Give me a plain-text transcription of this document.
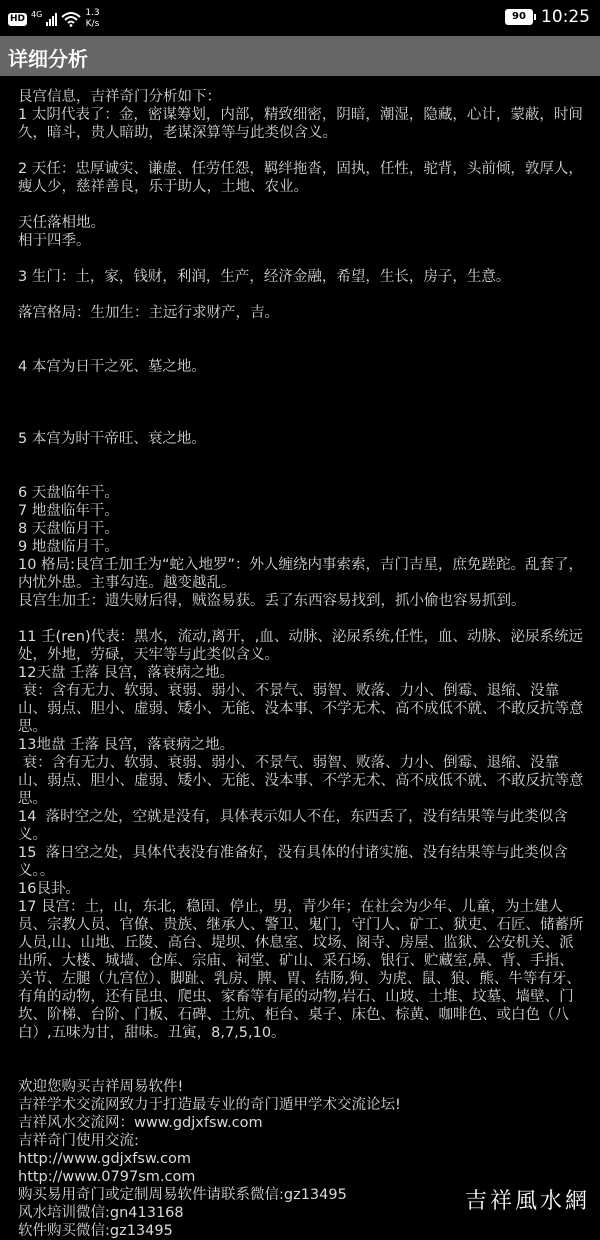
HD 4G	1.3
K/s
90 10:25
详细分析
艮宫信息，吉祥奇门分析如下：
1 太阴代表了：金，密谋筹划，内部，精致细密，阴暗，潮湿，隐藏，心计，蒙蔽，时间久，暗斗，贵人暗助，老谋深算等与此类似含义。
2 天任：忠厚诚实、谦虚、任劳任怨，羁绊拖沓，固执，任性，驼背，头前倾，敦厚人，瘦人少，慈祥善良，乐于助人，土地、农业。
天任落相地。
相于四季。
3 生门：土，家，钱财，利润，生产，经济金融，希望，生长，房子，生意。
落宫格局：生加生：主远行求财产，吉。
4 本宫为日干之死、墓之地。
5 本宫为时干帝旺、衰之地。
6 天盘临年干。
7 地盘临年干。
8 天盘临月干。
9 地盘临月干。
10 格局:艮宫壬加壬为“蛇入地罗”：外人缠绕内事索索，吉门吉星，庶免蹉跎。乱套了，内忧外患。主事勾连。越变越乱。
艮宫生加壬：遗失财后得，贼盗易获。丢了东西容易找到，抓小偷也容易抓到。
11 壬(ren)代表：黑水，流动,离开，,血、动脉、泌尿系统,任性，血、动脉、泌尿系统远处，外地，劳碌，天牢等与此类似含义。
12天盘 壬落 艮宫，落衰病之地。
衰：含有无力、软弱、衰弱、弱小、不景气、弱智、败落、力小、倒霉、退缩、没靠山、弱点、胆小、虚弱、矮小、无能、没本事、不学无术、高不成低不就、不敢反抗等意思。
13地盘 壬落 艮宫，落衰病之地。
衰：含有无力、软弱、衰弱、弱小、不景气、弱智、败落、力小、倒霉、退缩、没靠山、弱点、胆小、虚弱、矮小、无能、没本事、不学无术、高不成低不就、不敢反抗等意思。
14  落时空之处，空就是没有，具体表示如人不在，东西丢了，没有结果等与此类似含义。
15  落日空之处，具体代表没有准备好，没有具体的付诸实施、没有结果等与此类似含义。。
16艮卦。
17 艮宫：土，山，东北，稳固、停止，男，青少年；在社会为少年、儿童，为土建人员、宗教人员、官僚、贵族、继承人、警卫、鬼门，守门人、矿工、狱吏、石匠、储蓄所人员,山、山地、丘陵、高台、堤坝、休息室、坟场、阁寺、房屋、监狱、公安机关、派出所、大楼、城墙、仓库、宗庙、祠堂、矿山、采石场、银行、贮藏室,鼻、背、手指、关节、左腿（九宫位）、脚趾、乳房、脾、胃、结肠,狗、为虎、鼠、狼、熊、牛等有牙、有角的动物，还有昆虫、爬虫、家畜等有尾的动物,岩石、山坡、土堆、坟墓、墙壁、门坎、阶梯、台阶、门板、石碑、土炕、柜台、桌子、床色、棕黄、咖啡色、或白色（八白）,五味为甘，甜味。丑寅，8,7,5,10。
欢迎您购买吉祥周易软件!
吉祥学术交流网致力于打造最专业的奇门遁甲学术交流论坛!
吉祥风水交流网：www.gdjxfsw.com
吉祥奇门使用交流:
http://www.gdjxfsw.com
http://www.0797sm.com
购买易用奇门或定制周易软件请联系微信:gz13495
风水培训微信:gn413168
软件购买微信:gz13495
吉祥風水網
